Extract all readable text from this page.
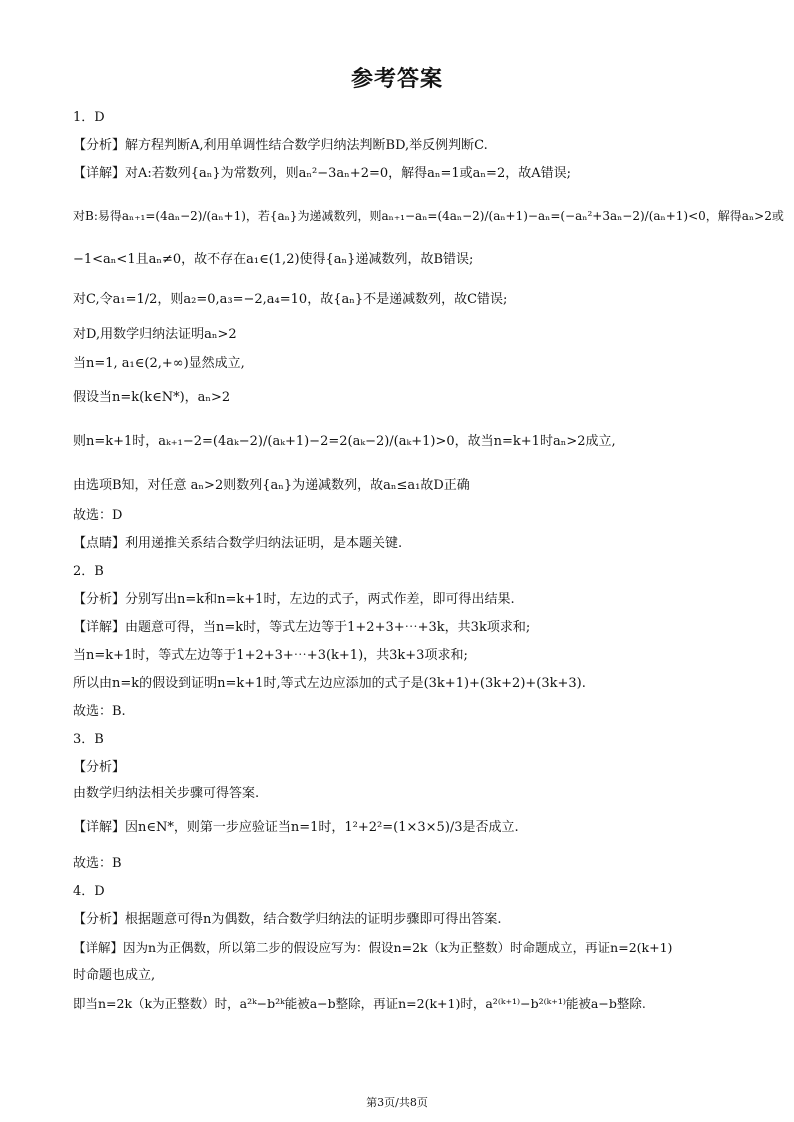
参考答案
1．D
【分析】解方程判断A,利用单调性结合数学归纳法判断BD,举反例判断C.
【详解】对A:若数列{aₙ}为常数列，则aₙ²−3aₙ+2=0，解得aₙ=1或aₙ=2，故A错误;
对B:易得aₙ₊₁=(4aₙ−2)/(aₙ+1)，若{aₙ}为递减数列，则aₙ₊₁−aₙ=(4aₙ−2)/(aₙ+1)−aₙ=(−aₙ²+3aₙ−2)/(aₙ+1)<0，解得aₙ>2或
−1<aₙ<1且aₙ≠0，故不存在a₁∈(1,2)使得{aₙ}递减数列，故B错误;
对C,令a₁=1/2，则a₂=0,a₃=−2,a₄=10，故{aₙ}不是递减数列，故C错误;
对D,用数学归纳法证明aₙ>2
当n=1, a₁∈(2,+∞)显然成立,
假设当n=k(k∈N*)，aₙ>2
则n=k+1时，aₖ₊₁−2=(4aₖ−2)/(aₖ+1)−2=2(aₖ−2)/(aₖ+1)>0，故当n=k+1时aₙ>2成立,
由选项B知，对任意 aₙ>2则数列{aₙ}为递减数列，故aₙ≤a₁故D正确
故选：D
【点睛】利用递推关系结合数学归纳法证明，是本题关键.
2．B
【分析】分别写出n=k和n=k+1时，左边的式子，两式作差，即可得出结果.
【详解】由题意可得，当n=k时，等式左边等于1+2+3+⋯+3k，共3k项求和;
当n=k+1时，等式左边等于1+2+3+⋯+3(k+1)，共3k+3项求和;
所以由n=k的假设到证明n=k+1时,等式左边应添加的式子是(3k+1)+(3k+2)+(3k+3).
故选：B.
3．B
【分析】
由数学归纳法相关步骤可得答案.
【详解】因n∈N*，则第一步应验证当n=1时，1²+2²=(1×3×5)/3是否成立.
故选：B
4．D
【分析】根据题意可得n为偶数，结合数学归纳法的证明步骤即可得出答案.
【详解】因为n为正偶数，所以第二步的假设应写为：假设n=2k（k为正整数）时命题成立，再证n=2(k+1)
时命题也成立,
即当n=2k（k为正整数）时，a²ᵏ−b²ᵏ能被a−b整除，再证n=2(k+1)时，a²⁽ᵏ⁺¹⁾−b²⁽ᵏ⁺¹⁾能被a−b整除.
第3页/共8页
